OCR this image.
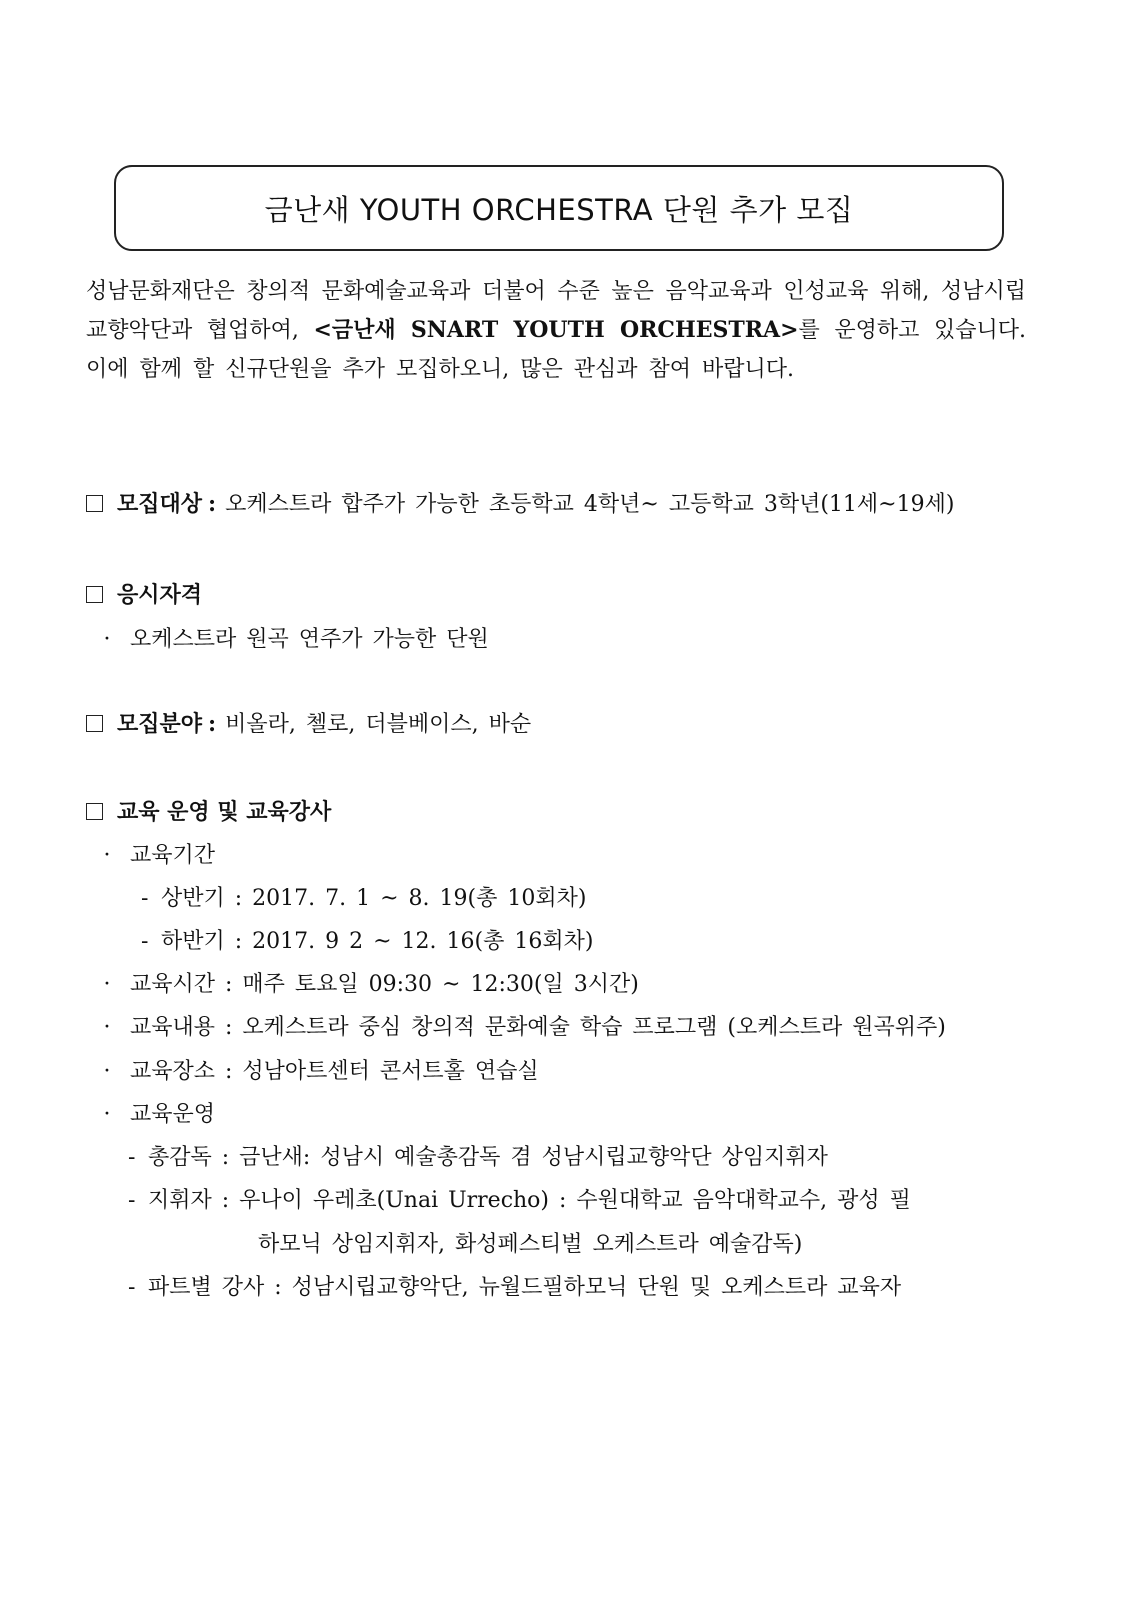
금난새 YOUTH ORCHESTRA 단원 추가 모집
성남문화재단은 창의적 문화예술교육과 더불어 수준 높은 음악교육과 인성교육 위해, 성남시립교향악단과 협업하여, <금난새 SNART YOUTH ORCHESTRA>를 운영하고 있습니다. 이에 함께 할 신규단원을 추가 모집하오니, 많은 관심과 참여 바랍니다.
모집대상 : 오케스트라 합주가 가능한 초등학교 4학년~ 고등학교 3학년(11세~19세)
응시자격
· 오케스트라 원곡 연주가 가능한 단원
모집분야 : 비올라, 첼로, 더블베이스, 바순
교육 운영 및 교육강사
· 교육기간
- 상반기 : 2017. 7. 1 ~ 8. 19(총 10회차)
- 하반기 : 2017. 9 2 ~ 12. 16(총 16회차)
· 교육시간 : 매주 토요일 09:30 ~ 12:30(일 3시간)
· 교육내용 : 오케스트라 중심 창의적 문화예술 학습 프로그램 (오케스트라 원곡위주)
· 교육장소 : 성남아트센터 콘서트홀 연습실
· 교육운영
- 총감독 : 금난새: 성남시 예술총감독 겸 성남시립교향악단 상임지휘자
- 지휘자 : 우나이 우레초(Unai Urrecho) : 수원대학교 음악대학교수, 광성 필
하모닉 상임지휘자, 화성페스티벌 오케스트라 예술감독)
- 파트별 강사 : 성남시립교향악단, 뉴월드필하모닉 단원 및 오케스트라 교육자
